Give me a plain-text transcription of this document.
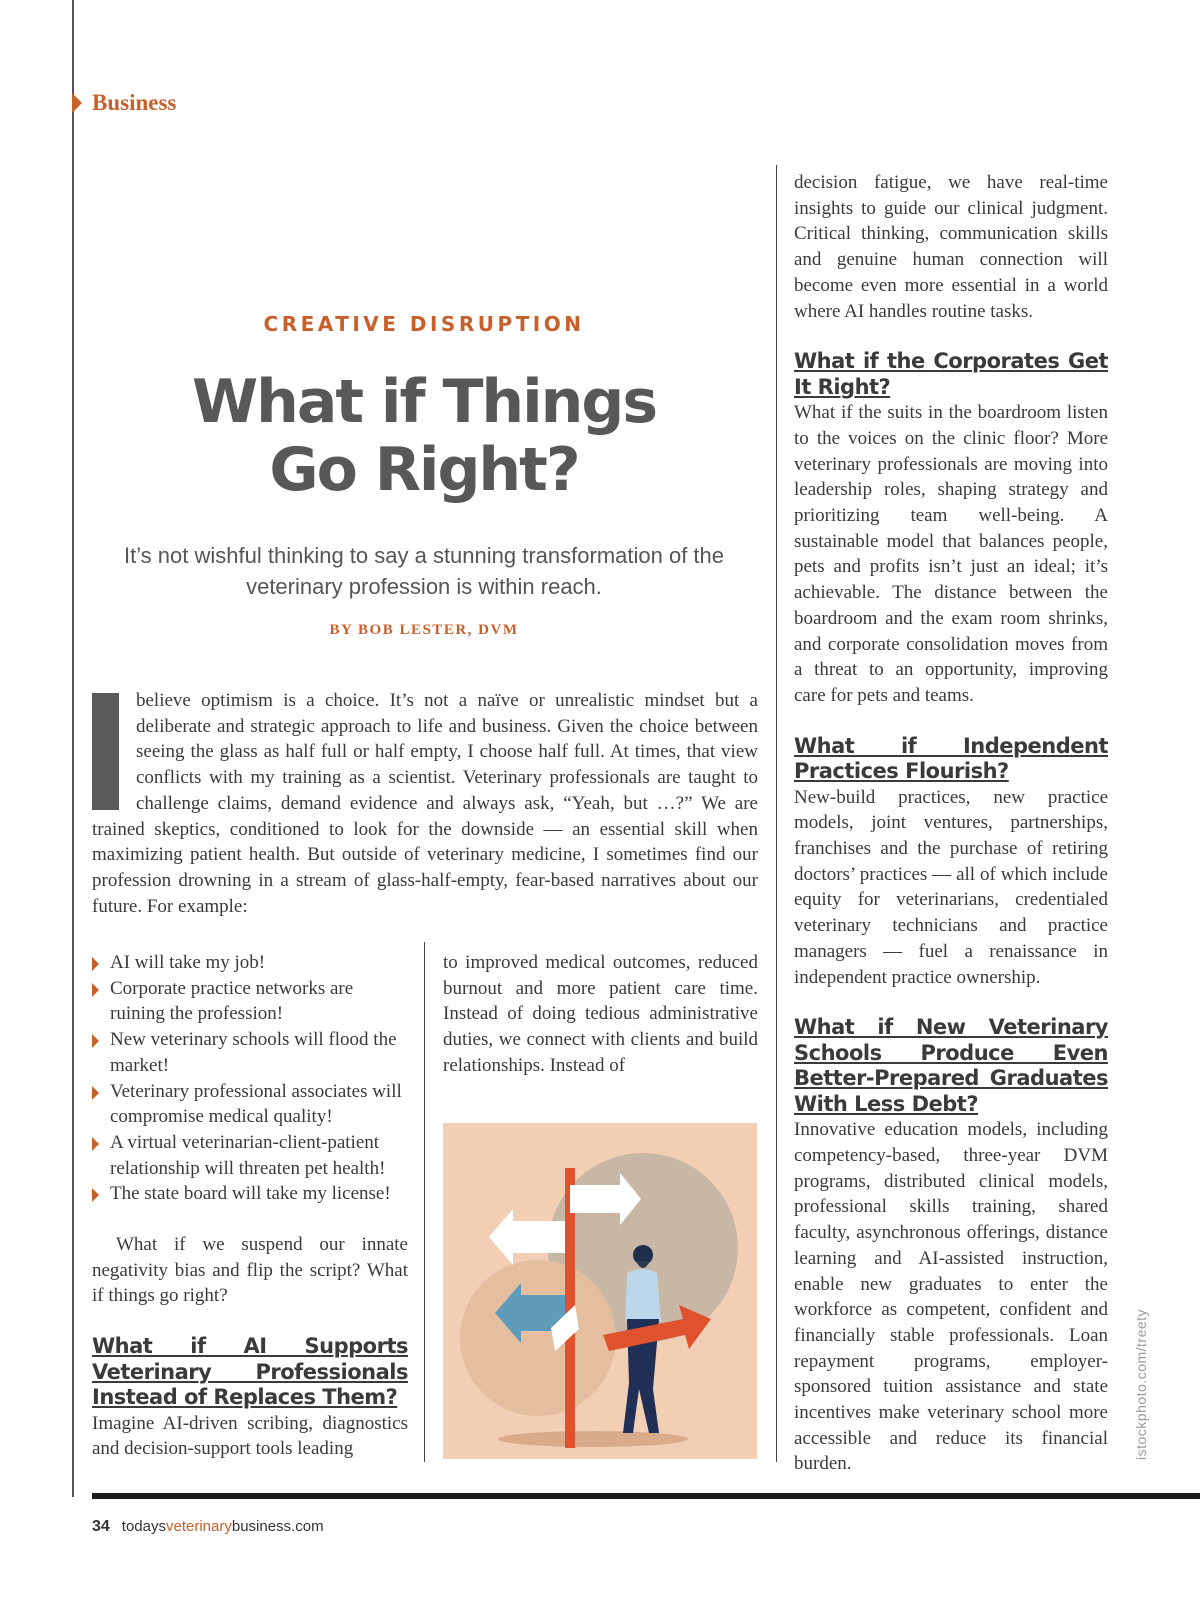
Business
CREATIVE DISRUPTION
What if Things
Go Right?
It’s not wishful thinking to say a stunning transformation of the veterinary profession is within reach.
BY BOB LESTER, DVM
believe optimism is a choice. It’s not a naïve or unrealistic mindset but a deliberate and strategic approach to life and business. Given the choice between seeing the glass as half full or half empty, I choose half full. At times, that view conflicts with my training as a scientist. Veterinary professionals are taught to challenge claims, demand evidence and always ask, “Yeah, but …?” We are trained skeptics, conditioned to look for the downside — an essential skill when maximizing patient health. But outside of veterinary medicine, I sometimes find our profession drowning in a stream of glass-half-empty, fear-based narratives about our future. For example:
AI will take my job!
Corporate practice networks are ruining the profession!
New veterinary schools will flood the market!
Veterinary professional associates will compromise medical quality!
A virtual veterinarian-client-patient relationship will threaten pet health!
The state board will take my license!

What if we suspend our innate negativity bias and flip the script? What if things go right?

What if AI Supports Veterinary Professionals Instead of Replaces Them?

Imagine AI-driven scribing, diagnostics and decision-support tools leading

to improved medical outcomes, reduced burnout and more patient care time. Instead of doing tedious administrative duties, we connect with clients and build relationships. Instead of

decision fatigue, we have real-time insights to guide our clinical judgment. Critical thinking, communication skills and genuine human connection will become even more essential in a world where AI handles routine tasks.

What if the Corporates Get It Right?

What if the suits in the boardroom listen to the voices on the clinic floor? More veterinary professionals are moving into leadership roles, shaping strategy and prioritizing team well-being. A sustainable model that balances people, pets and profits isn’t just an ideal; it’s achievable. The distance between the boardroom and the exam room shrinks, and corporate consolidation moves from a threat to an opportunity, improving care for pets and teams.

What if Independent Practices Flourish?

New-build practices, new practice models, joint ventures, partnerships, franchises and the purchase of retiring doctors’ practices — all of which include equity for veterinarians, credentialed veterinary technicians and practice managers — fuel a renaissance in independent practice ownership.

What if New Veterinary Schools Produce Even Better-Prepared Graduates With Less Debt?

Innovative education models, including competency-based, three-year DVM programs, distributed clinical models, professional skills training, shared faculty, asynchronous offerings, distance learning and AI-assisted instruction, enable new graduates to enter the workforce as competent, confident and financially stable professionals. Loan repayment programs, employer-sponsored tuition assistance and state incentives make veterinary school more accessible and reduce its financial burden.

istockphoto.com/treety
34 todaysveterinarybusiness.com
